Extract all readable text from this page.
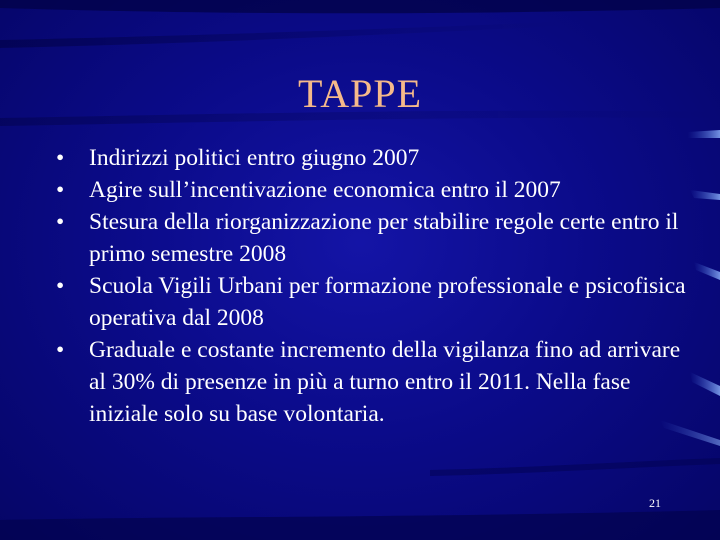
TAPPE
• Indirizzi politici entro giugno 2007
• Agire sull’incentivazione economica entro il 2007
• Stesura della riorganizzazione per stabilire regole certe entro il primo semestre 2008
• Scuola Vigili Urbani per formazione professionale e psicofisica operativa dal 2008
• Graduale e costante incremento della vigilanza fino ad arrivare al 30% di presenze in più a turno entro il 2011. Nella fase iniziale solo su base volontaria.
21
